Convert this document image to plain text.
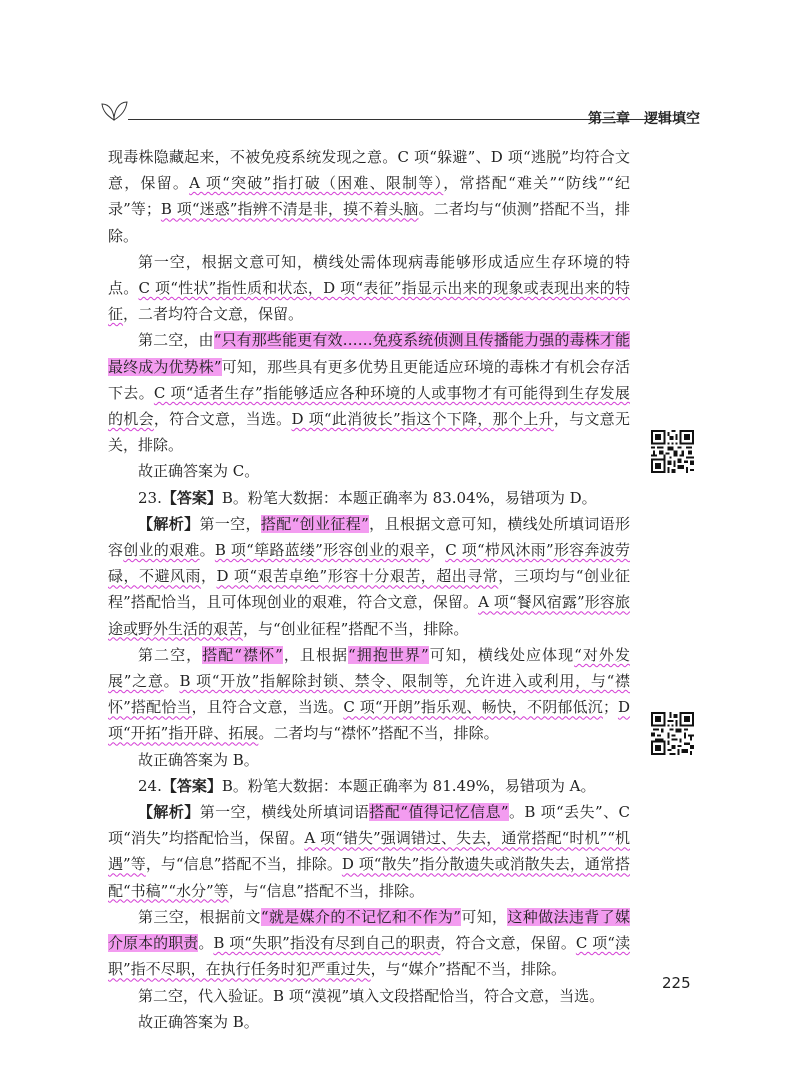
第三章 逻辑填空

现毒株隐藏起来，不被免疫系统发现之意。C 项“躲避”、D 项“逃脱”均符合文意，保留。A 项“突破”指打破（困难、限制等），常搭配“难关”“防线”“纪录”等；B 项“迷惑”指辨不清是非，摸不着头脑。二者均与“侦测”搭配不当，排除。

第一空，根据文意可知，横线处需体现病毒能够形成适应生存环境的特点。C 项“性状”指性质和状态，D 项“表征”指显示出来的现象或表现出来的特征，二者均符合文意，保留。

第二空，由“只有那些能更有效……免疫系统侦测且传播能力强的毒株才能最终成为优势株”可知，那些具有更多优势且更能适应环境的毒株才有机会存活下去。C 项“适者生存”指能够适应各种环境的人或事物才有可能得到生存发展的机会，符合文意，当选。D 项“此消彼长”指这个下降，那个上升，与文意无关，排除。

故正确答案为 C。

23.【答案】B。粉笔大数据：本题正确率为 83.04%，易错项为 D。

【解析】第一空，搭配“创业征程”，且根据文意可知，横线处所填词语形容创业的艰难。B 项“筚路蓝缕”形容创业的艰辛，C 项“栉风沐雨”形容奔波劳碌，不避风雨，D 项“艰苦卓绝”形容十分艰苦，超出寻常，三项均与“创业征程”搭配恰当，且可体现创业的艰难，符合文意，保留。A 项“餐风宿露”形容旅途或野外生活的艰苦，与“创业征程”搭配不当，排除。

第二空，搭配“襟怀”，且根据“拥抱世界”可知，横线处应体现“对外发展”之意。B 项“开放”指解除封锁、禁令、限制等，允许进入或利用，与“襟怀”搭配恰当，且符合文意，当选。C 项“开朗”指乐观、畅快，不阴郁低沉；D 项“开拓”指开辟、拓展。二者均与“襟怀”搭配不当，排除。

故正确答案为 B。

24.【答案】B。粉笔大数据：本题正确率为 81.49%，易错项为 A。

【解析】第一空，横线处所填词语搭配“值得记忆信息”。B 项“丢失”、C 项“消失”均搭配恰当，保留。A 项“错失”强调错过、失去，通常搭配“时机”“机遇”等，与“信息”搭配不当，排除。D 项“散失”指分散遗失或消散失去，通常搭配“书稿”“水分”等，与“信息”搭配不当，排除。

第三空，根据前文“就是媒介的不记忆和不作为”可知，这种做法违背了媒介原本的职责。B 项“失职”指没有尽到自己的职责，符合文意，保留。C 项“渎职”指不尽职，在执行任务时犯严重过失，与“媒介”搭配不当，排除。

第二空，代入验证。B 项“漠视”填入文段搭配恰当，符合文意，当选。

故正确答案为 B。

225
